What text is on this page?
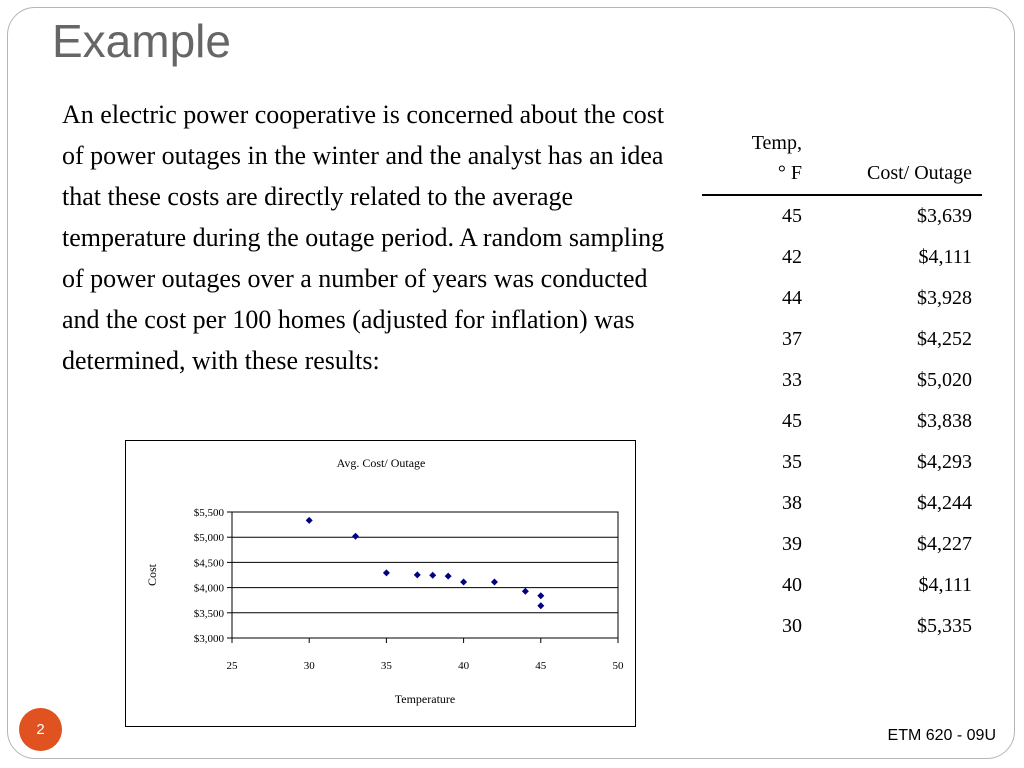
Example
An electric power cooperative is concerned about the cost of power outages in the winter and the analyst has an idea that these costs are directly related to the average temperature during the outage period. A random sampling of power outages over a number of years was conducted and the cost per 100 homes (adjusted for inflation) was determined, with these results:
Temp,
° F	Cost/ Outage
45	$3,639
42	$4,111
44	$3,928
37	$4,252
33	$5,020
45	$3,838
35	$4,293
38	$4,244
39	$4,227
40	$4,111
30	$5,335
Avg. Cost/ Outage
$3,000
$3,500
$4,000
$4,500
$5,000
$5,500
25	30	35	40	45	50
Cost
Temperature
2	ETM 620 - 09U
